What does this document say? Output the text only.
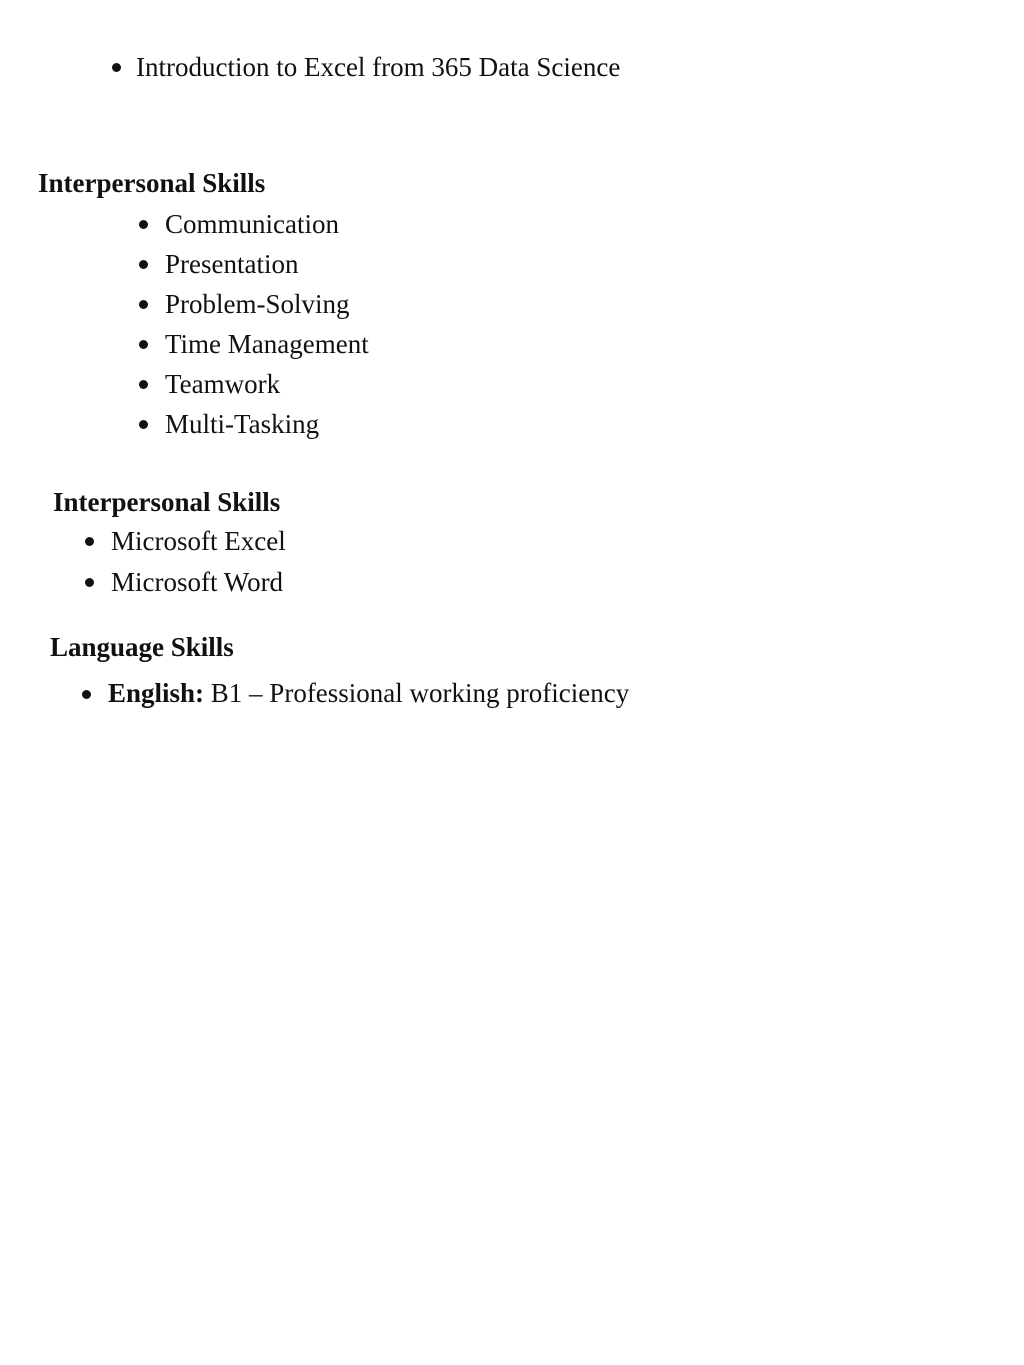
Introduction to Excel from 365 Data Science
Interpersonal Skills
Communication
Presentation
Problem-Solving
Time Management
Teamwork
Multi-Tasking
Interpersonal Skills
Microsoft Excel
Microsoft Word
Language Skills
English: B1 – Professional working proficiency
